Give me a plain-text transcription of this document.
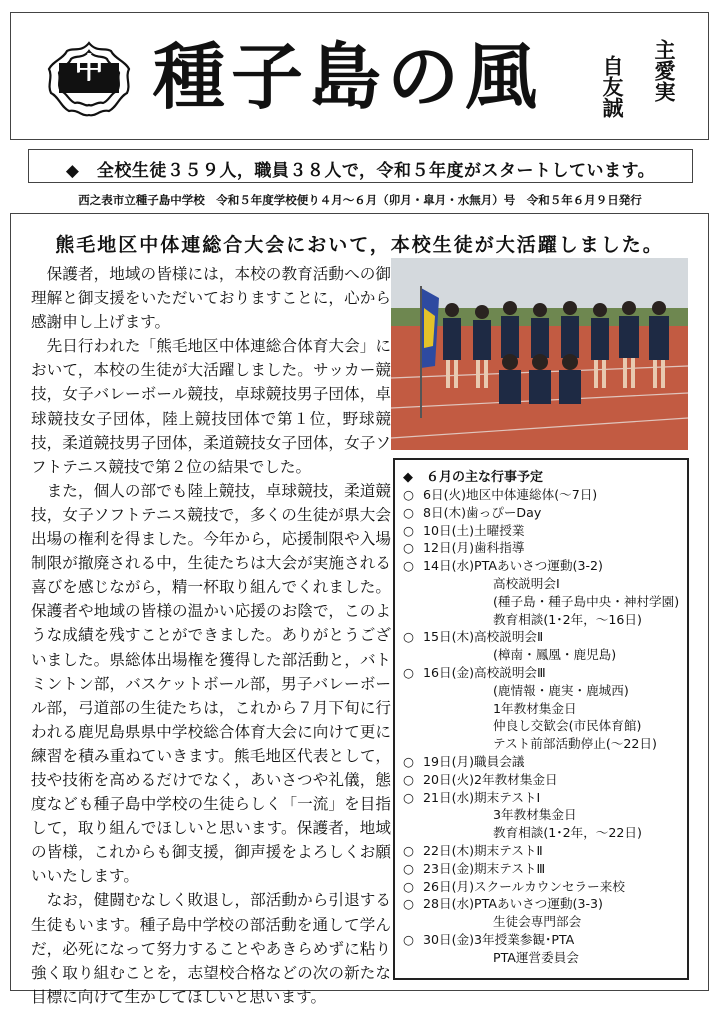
中 種子島の風	自友誠 主愛実
◆　全校生徒３５９人，職員３８人で，令和５年度がスタートしています。
西之表市立種子島中学校　令和５年度学校便り４月～６月（卯月・皐月・水無月）号　令和５年６月９日発行
熊毛地区中体連総合大会において，本校生徒が大活躍しました。

保護者，地域の皆様には，本校の教育活動への御理解と御支援をいただいておりますことに，心から感謝申し上げます。

先日行われた「熊毛地区中体連総合体育大会」において，本校の生徒が大活躍しました。サッカー競技，女子バレーボール競技，卓球競技男子団体，卓球競技女子団体，陸上競技団体で第１位，野球競技，柔道競技男子団体，柔道競技女子団体，女子ソフトテニス競技で第２位の結果でした。

また，個人の部でも陸上競技，卓球競技，柔道競技，女子ソフトテニス競技で，多くの生徒が県大会出場の権利を得ました。今年から，応援制限や入場制限が撤廃される中，生徒たちは大会が実施される喜びを感じながら，精一杯取り組んでくれました。保護者や地域の皆様の温かい応援のお陰で，このような成績を残すことができました。ありがとうございました。県総体出場権を獲得した部活動と，バトミントン部，バスケットボール部，男子バレーボール部，弓道部の生徒たちは，これから７月下旬に行われる鹿児島県県中学校総合体育大会に向けて更に練習を積み重ねていきます。熊毛地区代表として，技や技術を高めるだけでなく，あいさつや礼儀，態度なども種子島中学校の生徒らしく「一流」を目指して，取り組んでほしいと思います。保護者，地域の皆様，これからも御支援，御声援をよろしくお願いいたします。

なお，健闘むなしく敗退し，部活動から引退する生徒もいます。種子島中学校の部活動を通して学んだ，必死になって努力することやあきらめずに粘り強く取り組むことを，志望校合格などの次の新たな目標に向けて生かしてほしいと思います。

◆　６月の主な行事予定
○ 6日(火) 地区中体連総体(～7日)
○ 8日(木) 歯っぴーDay
○ 10日(土) 土曜授業
○ 12日(月) 歯科指導
○ 14日(水) PTAあいさつ運動(3-2)
高校説明会Ⅰ
(種子島・種子島中央・神村学園)
教育相談(1･2年，～16日)
○ 15日(木) 高校説明会Ⅱ
(樟南・鳳凰・鹿児島)
○ 16日(金) 高校説明会Ⅲ
(鹿情報・鹿実・鹿城西)
1年教材集金日
仲良し交歓会(市民体育館)
テスト前部活動停止(～22日)
○ 19日(月) 職員会議
○ 20日(火) 2年教材集金日
○ 21日(水) 期末テストⅠ
3年教材集金日
教育相談(1･2年，～22日)
○ 22日(木) 期末テストⅡ
○ 23日(金) 期末テストⅢ
○ 26日(月) スクールカウンセラー来校
○ 28日(水) PTAあいさつ運動(3-3)
生徒会専門部会
○ 30日(金) 3年授業参観･PTA
PTA運営委員会
